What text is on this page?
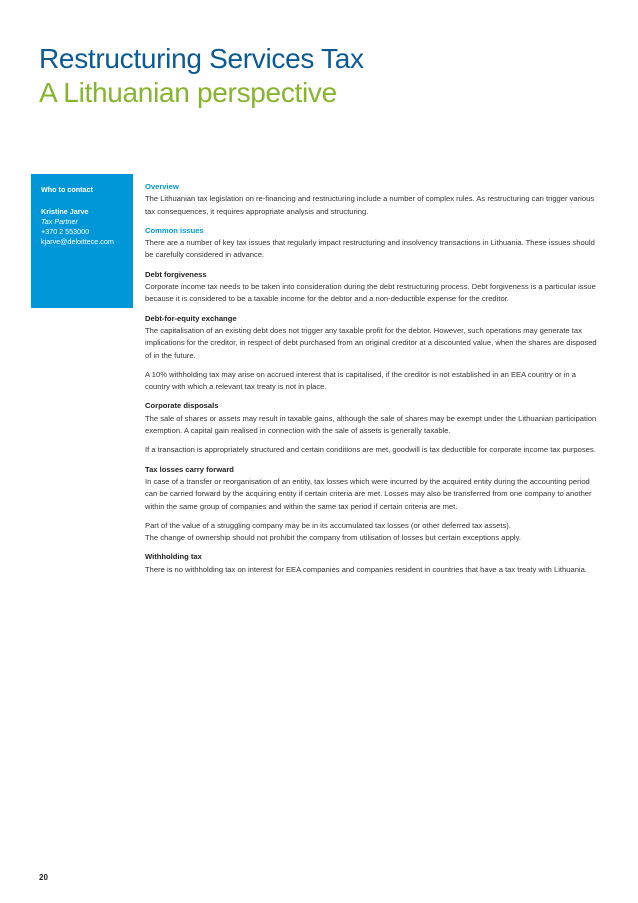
Restructuring Services Tax
A Lithuanian perspective
Who to contact
Kristine Jarve
Tax Partner
+370 2 553000
kjarve@deloittece.com

Overview
The Lithuanian tax legislation on re-financing and restructuring include a number of complex rules. As restructuring can trigger various tax consequences, it requires appropriate analysis and structuring.

Common issues
There are a number of key tax issues that regularly impact restructuring and insolvency transactions in Lithuania. These issues should be carefully considered in advance.

Debt forgiveness
Corporate income tax needs to be taken into consideration during the debt restructuring process. Debt forgiveness is a particular issue because it is considered to be a taxable income for the debtor and a non-deductible expense for the creditor.

Debt-for-equity exchange
The capitalisation of an existing debt does not trigger any taxable profit for the debtor. However, such operations may generate tax implications for the creditor, in respect of debt purchased from an original creditor at a discounted value, when the shares are disposed of in the future.

A 10% withholding tax may arise on accrued interest that is capitalised, if the creditor is not established in an EEA country or in a country with which a relevant tax treaty is not in place.

Corporate disposals
The sale of shares or assets may result in taxable gains, although the sale of shares may be exempt under the Lithuanian participation exemption. A capital gain realised in connection with the sale of assets is generally taxable.

If a transaction is appropriately structured and certain conditions are met, goodwill is tax deductible for corporate income tax purposes.

Tax losses carry forward
In case of a transfer or reorganisation of an entity, tax losses which were incurred by the acquired entity during the accounting period can be carried forward by the acquiring entity if certain criteria are met. Losses may also be transferred from one company to another within the same group of companies and within the same tax period if certain criteria are met.

Part of the value of a struggling company may be in its accumulated tax losses (or other deferred tax assets).
The change of ownership should not prohibit the company from utilisation of losses but certain exceptions apply.

Withholding tax
There is no withholding tax on interest for EEA companies and companies resident in countries that have a tax treaty with Lithuania.

20
